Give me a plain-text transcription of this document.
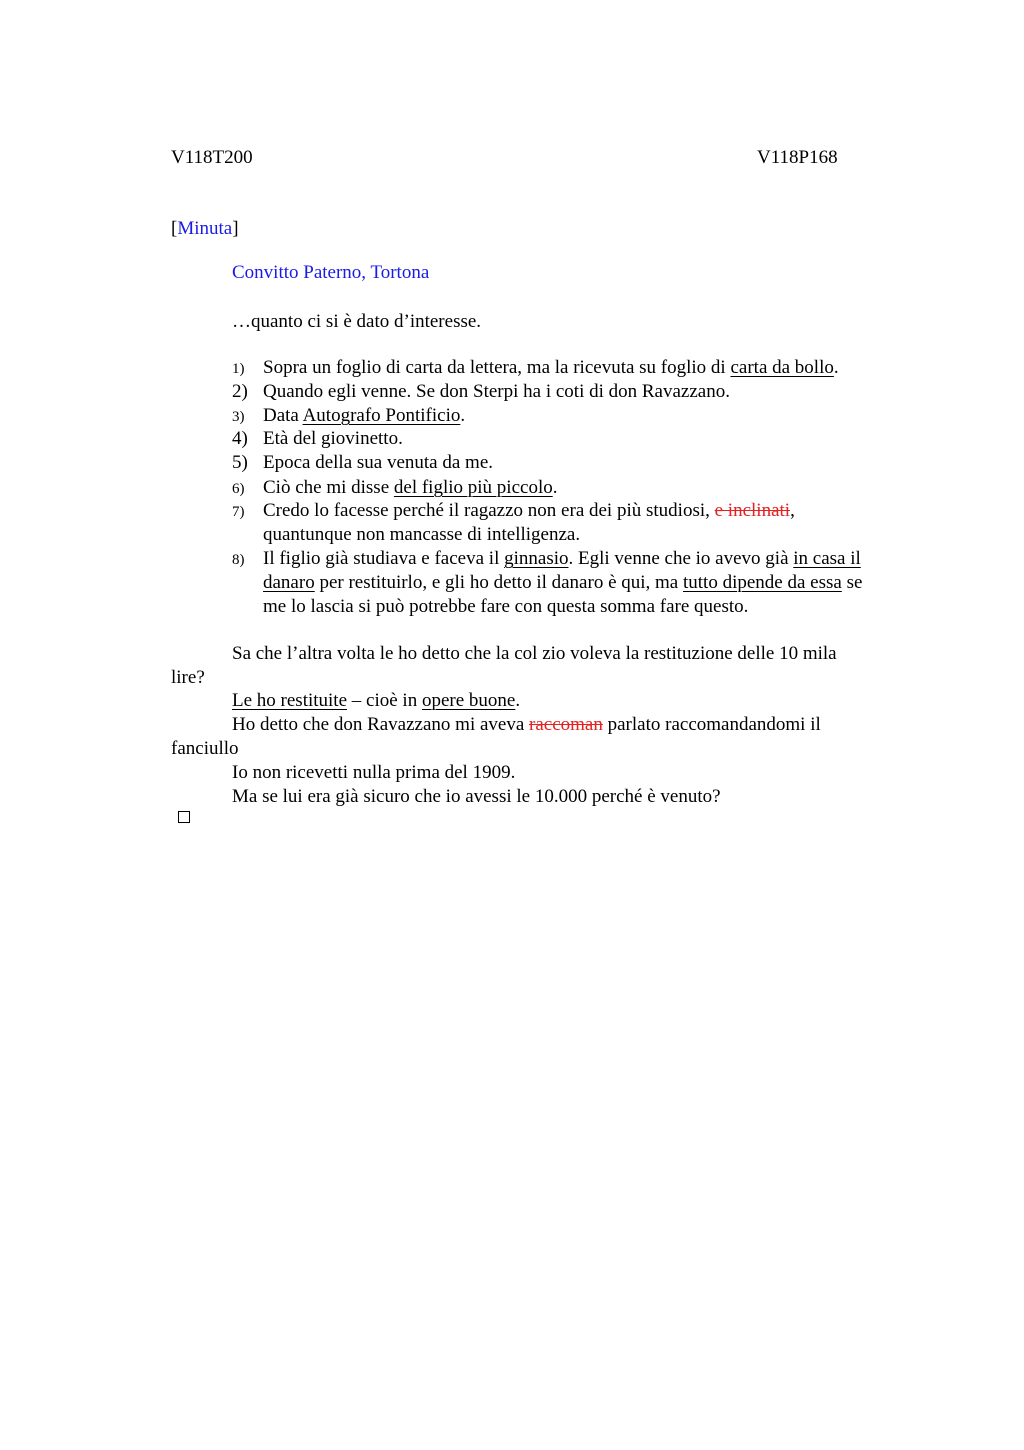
V118T200	V118P168
[Minuta]
Convitto Paterno, Tortona
…quanto ci si è dato d’interesse.
1) Sopra un foglio di carta da lettera, ma la ricevuta su foglio di carta da bollo.
2) Quando egli venne. Se don Sterpi ha i coti di don Ravazzano.
3) Data Autografo Pontificio.
4) Età del giovinetto.
5) Epoca della sua venuta da me.
6) Ciò che mi disse del figlio più piccolo.
7) Credo lo facesse perché il ragazzo non era dei più studiosi, e inclinati,
quantunque non mancasse di intelligenza.
8) Il figlio già studiava e faceva il ginnasio. Egli venne che io avevo già in casa il
danaro per restituirlo, e gli ho detto il danaro è qui, ma tutto dipende da essa se
me lo lascia si può potrebbe fare con questa somma fare questo.
Sa che l’altra volta le ho detto che la col zio voleva la restituzione delle 10 mila
lire?
Le ho restituite – cioè in opere buone.
Ho detto che don Ravazzano mi aveva raccoman parlato raccomandandomi il
fanciullo
Io non ricevetti nulla prima del 1909.
Ma se lui era già sicuro che io avessi le 10.000 perché è venuto?
